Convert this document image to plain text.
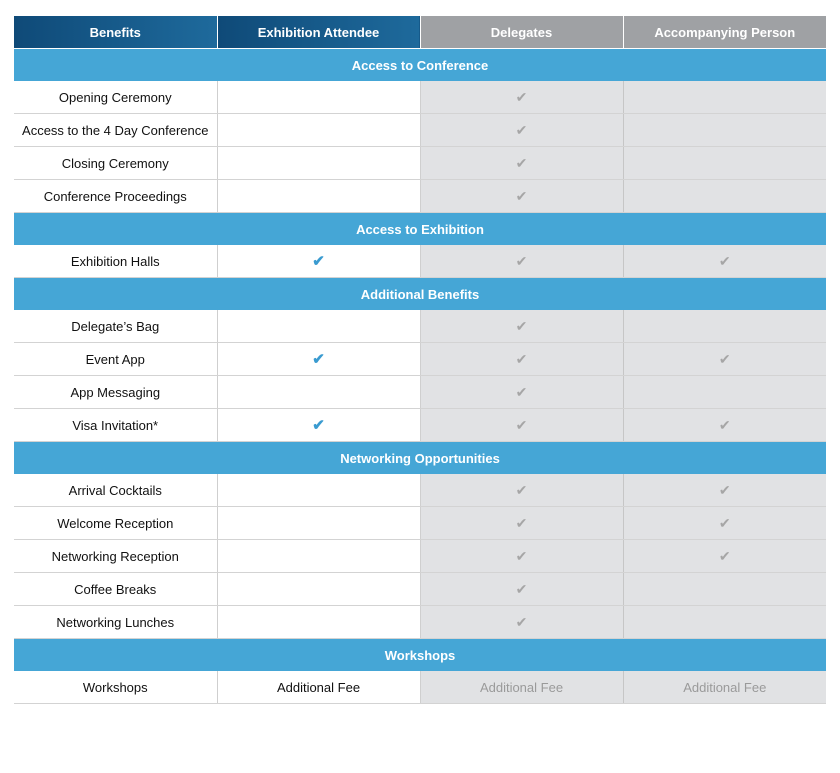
Benefits	Exhibition Attendee	Delegates	Accompanying Person
Access to Conference			
Opening Ceremony		✔	
Access to the 4 Day Conference		✔	
Closing Ceremony		✔	
Conference Proceedings		✔	
Access to Exhibition			
Exhibition Halls	✔	✔	✔
Additional Benefits			
Delegate’s Bag		✔	
Event App	✔	✔	✔
App Messaging		✔	
Visa Invitation*	✔	✔	✔
Networking Opportunities			
Arrival Cocktails		✔	✔
Welcome Reception		✔	✔
Networking Reception		✔	✔
Coffee Breaks		✔	
Networking Lunches		✔	
Workshops			
Workshops	Additional Fee	Additional Fee	Additional Fee
